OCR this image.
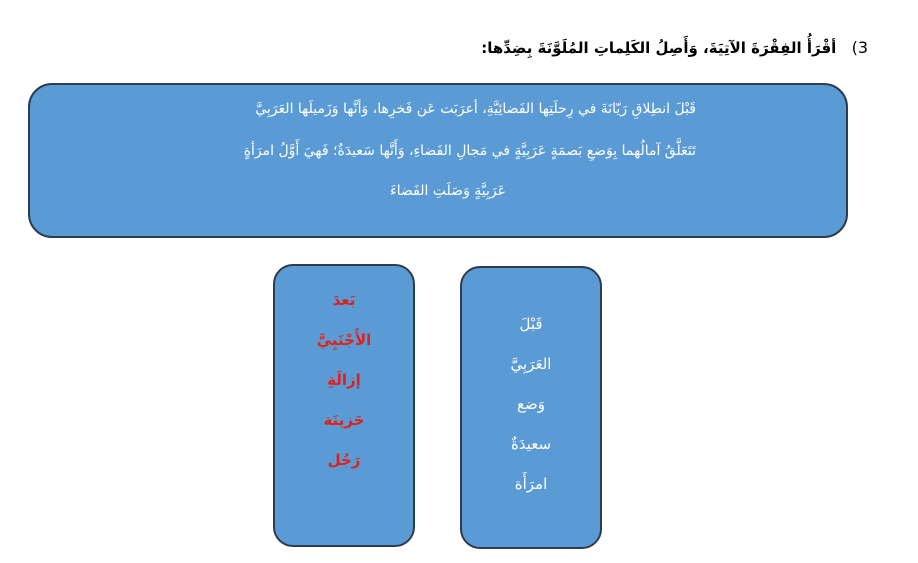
3) أقْرَأُ الفِقْرَةَ الآتِيَةَ، وَأَصِلُ الكَلِماتِ المُلَوَّنَةَ بِضِدِّها:
قَبْلَ انطِلاقِ رَيّانَةَ في رِحلَتِها الفَضائِيَّةِ، أعرَبَت عَن فَخرِها، وَأنَّها وَزَميلَها العَرَبِيَّ
تَتَعَلَّقُ آمالُهما بِوَضعِ بَصمَةٍ عَرَبِيَّةٍ في مَجالِ الفَضاءِ، وَأَنَّها سَعيدَةٌ؛ فَهيَ أَوَّلُ امرَأةٍ
عَرَبِيَّةٍ وَصَلَتِ الفَضاءَ
بَعدَ
الأَجْنَبِيَّ
إزالَةِ
حَزينَة
رَجُل
قَبْلَ
العَرَبِيَّ
وَضع
سعيدَةٌ
امرَأَة
